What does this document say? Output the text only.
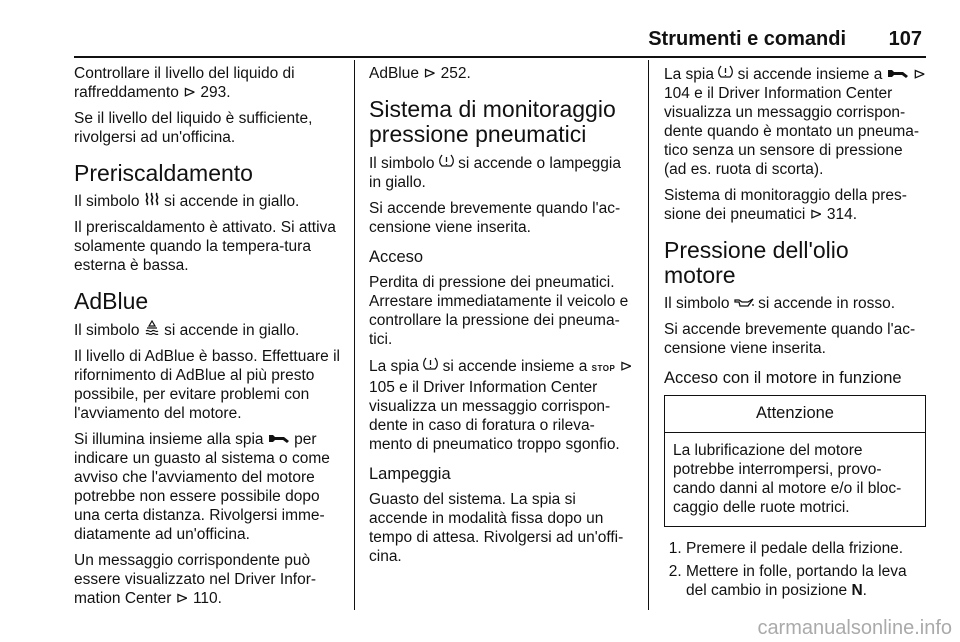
Strumenti e comandi 107

Controllare il livello del liquido di raffreddamento ⊳ 293.

Se il livello del liquido è sufficiente, rivolgersi ad un'officina.

Preriscaldamento

Il simbolo  si accende in giallo.

Il preriscaldamento è attivato. Si attiva solamente quando la tempera-tura esterna è bassa.

AdBlue

Il simbolo  si accende in giallo.

Il livello di AdBlue è basso. Effettuare il rifornimento di AdBlue al più presto possibile, per evitare problemi con l'avviamento del motore.

Si illumina insieme alla spia  per indicare un guasto al sistema o come avviso che l'avviamento del motore potrebbe non essere possibile dopo una certa distanza. Rivolgersi imme-diatamente ad un'officina.

Un messaggio corrispondente può essere visualizzato nel Driver Infor-mation Center ⊳ 110.

AdBlue ⊳ 252.

Sistema di monitoraggio pressione pneumatici

Il simbolo  si accende o lampeggia in giallo.

Si accende brevemente quando l'ac-censione viene inserita.

Acceso

Perdita di pressione dei pneumatici. Arrestare immediatamente il veicolo e controllare la pressione dei pneuma-tici.

La spia  si accende insieme a STOP ⊳ 105 e il Driver Information Center visualizza un messaggio corrispon-dente in caso di foratura o rileva-mento di pneumatico troppo sgonfio.

Lampeggia

Guasto del sistema. La spia si accende in modalità fissa dopo un tempo di attesa. Rivolgersi ad un'offi-cina.

La spia  si accende insieme a  ⊳ 104 e il Driver Information Center visualizza un messaggio corrispon-dente quando è montato un pneuma-tico senza un sensore di pressione (ad es. ruota di scorta).

Sistema di monitoraggio della pres-sione dei pneumatici ⊳ 314.

Pressione dell'olio motore

Il simbolo  si accende in rosso.

Si accende brevemente quando l'ac-censione viene inserita.

Acceso con il motore in funzione
Attenzione
La lubrificazione del motore potrebbe interrompersi, provo-cando danni al motore e/o il bloc-caggio delle ruote motrici.
1. Premere il pedale della frizione.
2. Mettere in folle, portando la leva del cambio in posizione N.
carmanualsonline.info
